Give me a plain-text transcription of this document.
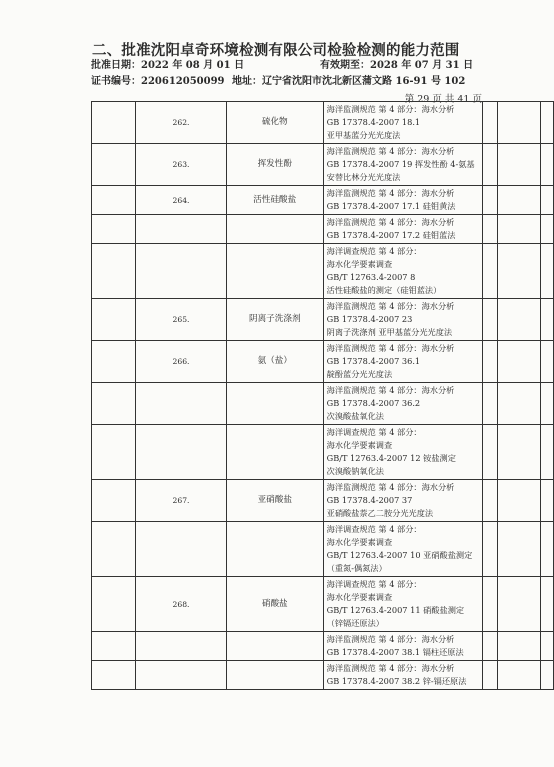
二、批准沈阳卓奇环境检测有限公司检验检测的能力范围
批准日期：2022 年 08 月 01 日	有效期至：2028 年 07 月 31 日
证书编号：220612050099 地址：辽宁省沈阳市沈北新区蒲文路 16-91 号 102
第 29 页 共 41 页
	262.	硫化物	海洋监测规范 第 4 部分：海水分析
GB 17378.4-2007 18.1
亚甲基蓝分光光度法			

	263.	挥发性酚	海洋监测规范 第 4 部分：海水分析
GB 17378.4-2007 19 挥发性酚 4-氨基
安替比林分光光度法			

	264.	活性硅酸盐	海洋监测规范 第 4 部分：海水分析
GB 17378.4-2007 17.1 硅钼黄法			

			海洋监测规范 第 4 部分：海水分析
GB 17378.4-2007 17.2 硅钼蓝法			

			海洋调查规范 第 4 部分：
海水化学要素调查
GB/T 12763.4-2007 8
活性硅酸盐的测定（硅钼蓝法）			

	265.	阴离子洗涤剂	海洋监测规范 第 4 部分：海水分析
GB 17378.4-2007 23
阴离子洗涤剂 亚甲基蓝分光光度法			

	266.	氨（盐）	海洋监测规范 第 4 部分：海水分析
GB 17378.4-2007 36.1
靛酚蓝分光光度法			

			海洋监测规范 第 4 部分：海水分析
GB 17378.4-2007 36.2
次溴酸盐氧化法			

			海洋调查规范 第 4 部分：
海水化学要素调查
GB/T 12763.4-2007 12 铵盐测定
次溴酸钠氧化法			

	267.	亚硝酸盐	海洋监测规范 第 4 部分：海水分析
GB 17378.4-2007 37
亚硝酸盐萘乙二胺分光光度法			

			海洋调查规范 第 4 部分：
海水化学要素调查
GB/T 12763.4-2007 10 亚硝酸盐测定
（重氮-偶氮法）			

	268.	硝酸盐	海洋调查规范 第 4 部分：
海水化学要素调查
GB/T 12763.4-2007 11 硝酸盐测定
（锌镉还原法）			

			海洋监测规范 第 4 部分：海水分析
GB 17378.4-2007 38.1 镉柱还原法			

			海洋监测规范 第 4 部分：海水分析
GB 17378.4-2007 38.2 锌-镉还原法			
